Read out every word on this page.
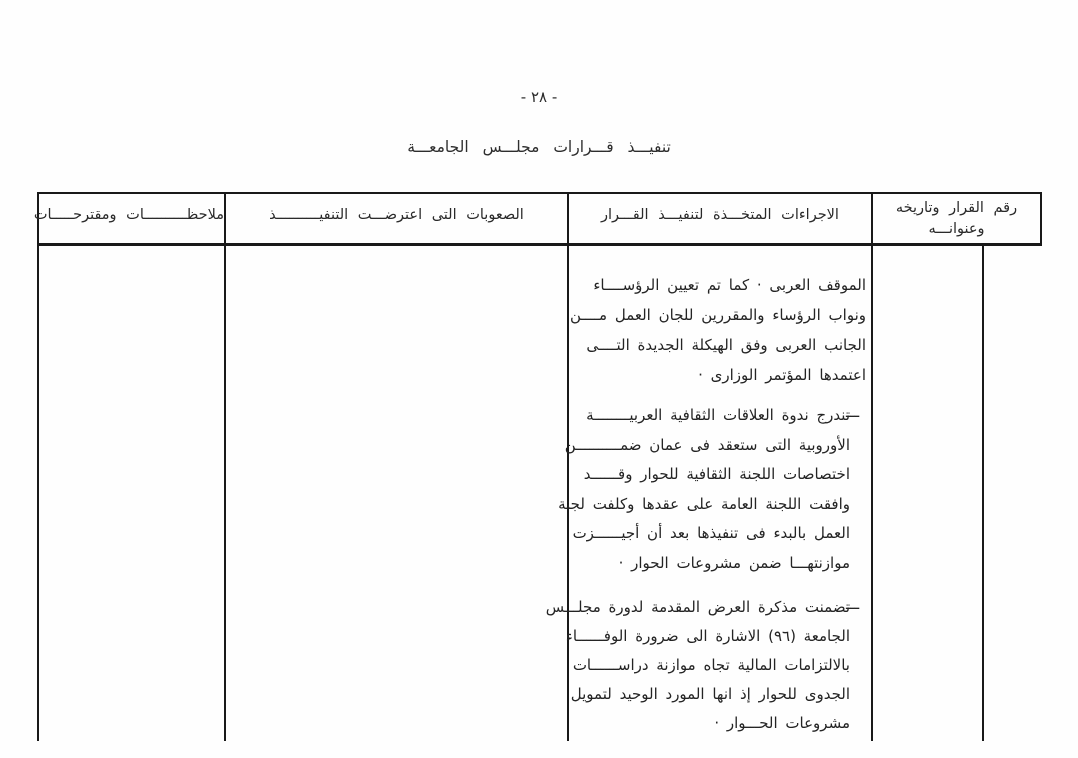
- ٢٨ -
تنفيـــذ قـــرارات مجلـــس الجامعـــة
رقم القرار وتاريخه
وعنوانـــه
الاجراءات المتخـــذة لتنفيـــذ القـــرار
الصعوبات التى اعترضـــت التنفيــــــــــذ
ملاحظــــــــــات ومقترحـــــات
الموقف العربى · كما تم تعيين الرؤســــاء
ونواب الرؤساء والمقررين للجان العمل مــــن
الجانب العربى وفق الهيكلة الجديدة التــــى
اعتمدها المؤتمر الوزارى ·
ـــ
تندرج ندوة العلاقات الثقافية العربيــــــــة
الأوروبية التى ستعقد فى عمان ضمــــــــــن
اختصاصات اللجنة الثقافية للحوار وقــــــد
وافقت اللجنة العامة على عقدها وكلفت لجنة
العمل بالبدء فى تنفيذها بعد أن أجيــــــزت
موازنتهـــا ضمن مشروعات الحوار ·
ـــ
تضمنت مذكرة العرض المقدمة لدورة مجلـــس
الجامعة (٩٦) الاشارة الى ضرورة الوفــــــاء
بالالتزامات المالية تجاه موازنة دراســــــات
الجدوى للحوار إذ انها المورد الوحيد لتمويل
مشروعات الحـــوار ·
